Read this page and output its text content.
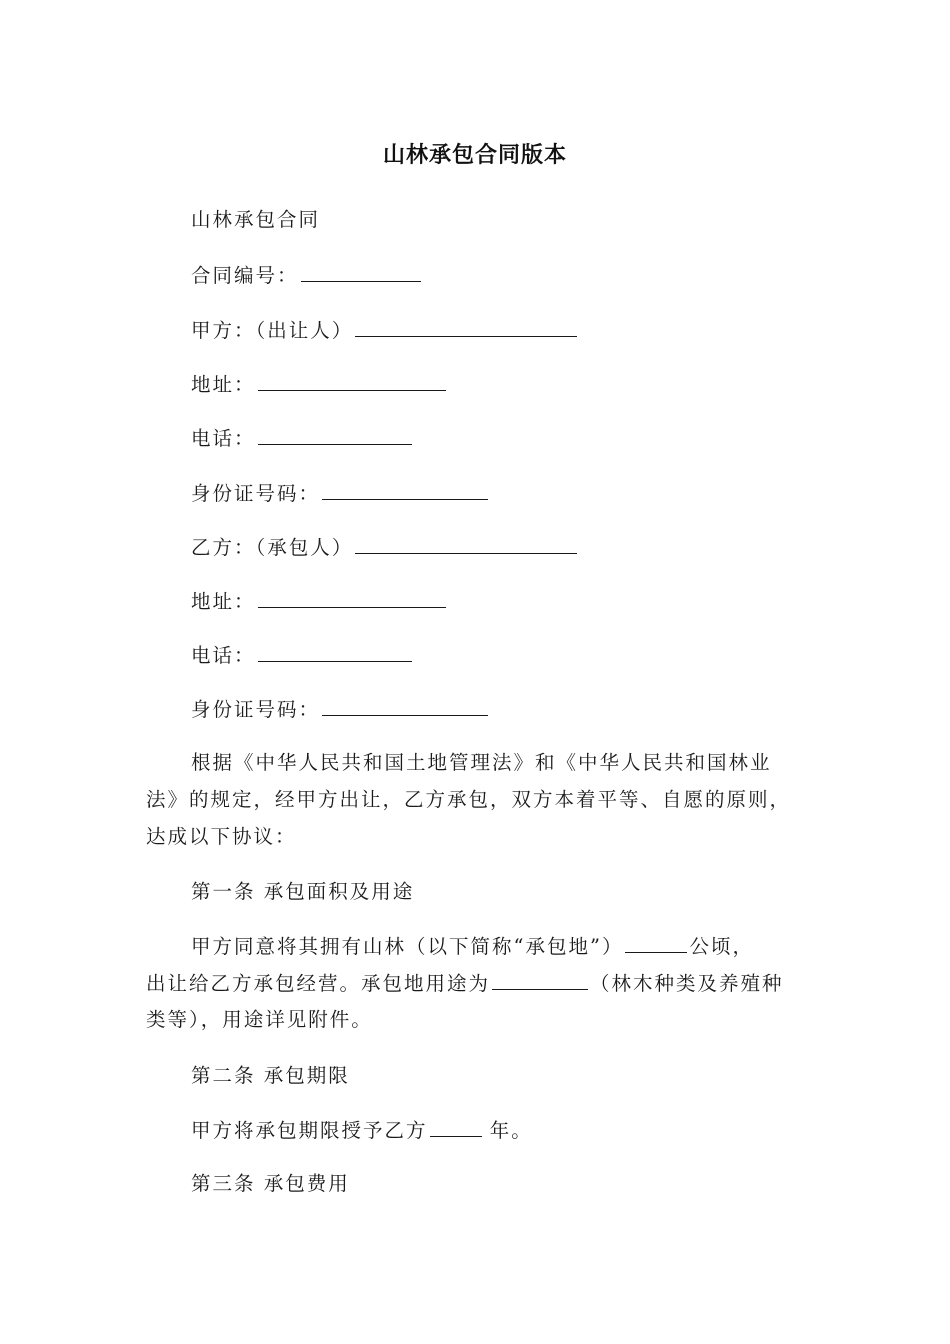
山林承包合同版本
山林承包合同
合同编号：
甲方：（出让人）
地址：
电话：
身份证号码：
乙方：（承包人）
地址：
电话：
身份证号码：
根据《中华人民共和国土地管理法》和《中华人民共和国林业
法》的规定，经甲方出让，乙方承包，双方本着平等、自愿的原则，
达成以下协议：
第一条 承包面积及用途
甲方同意将其拥有山林（以下简称“承包地”）	公顷，
出让给乙方承包经营。承包地用途为	（林木种类及养殖种
类等），用途详见附件。
第二条 承包期限
甲方将承包期限授予乙方	年。
第三条 承包费用
